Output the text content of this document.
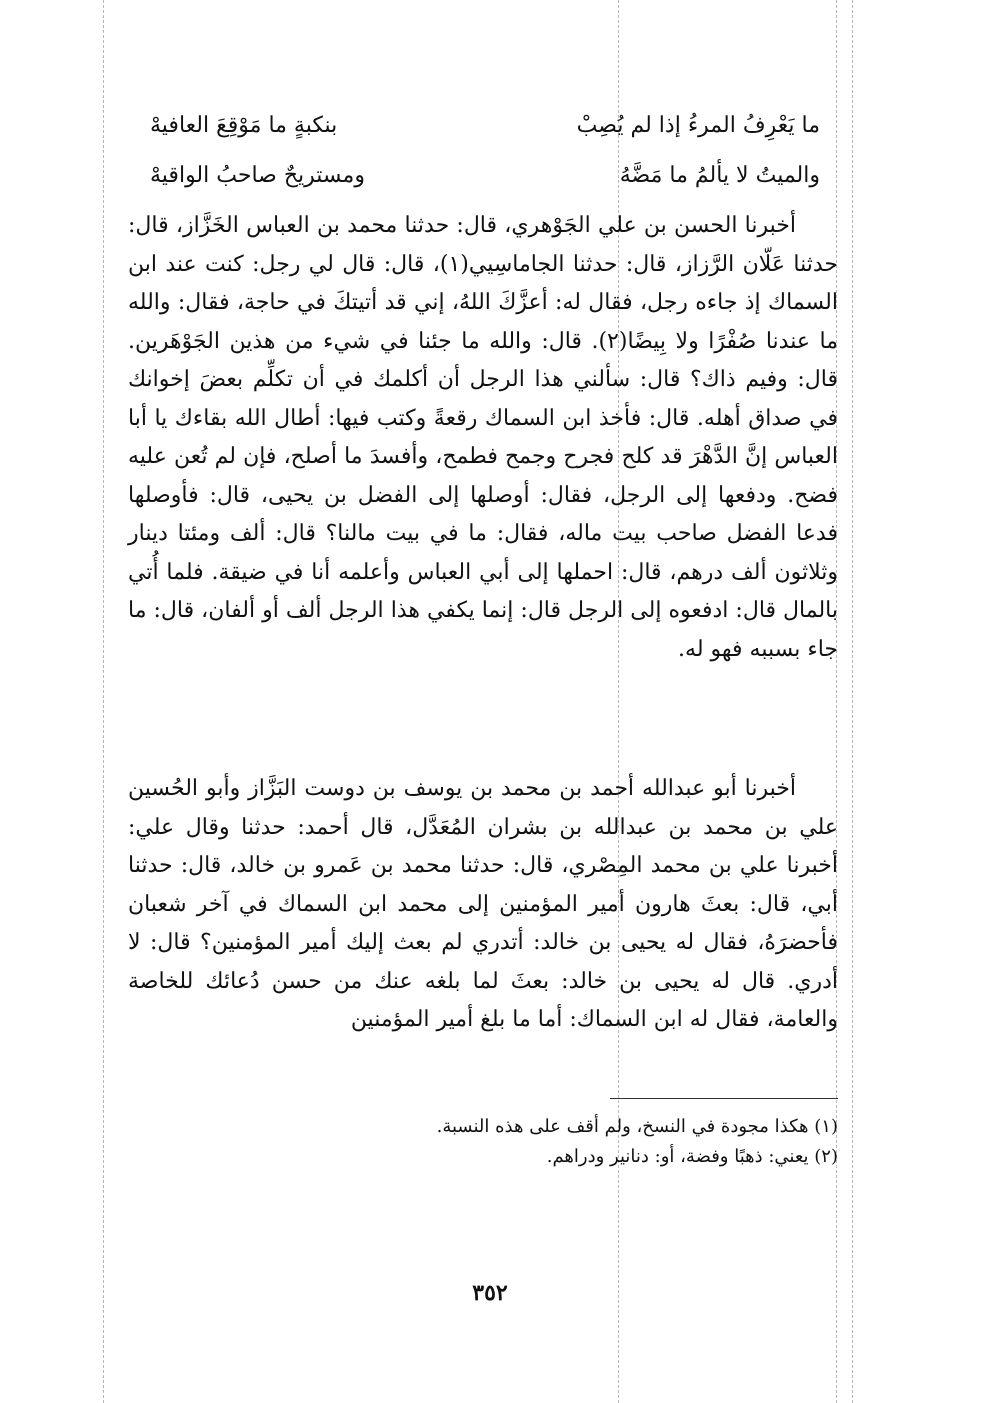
ما يَعْرِفُ المرءُ إذا لم يُصِبْ
بنكبةٍ ما مَوْقِعَ العافيهْ
والميتُ لا يألمُ ما مَضَّهُ
ومستريحٌ صاحبُ الواقيهْ

أخبرنا الحسن بن علي الجَوْهري، قال: حدثنا محمد بن العباس الخَزَّاز، قال: حدثنا عَلّان الرَّزاز، قال: حدثنا الجاماسِيي(١)، قال: قال لي رجل: كنت عند ابن السماك إذ جاءه رجل، فقال له: أعزَّكَ اللهُ، إني قد أتيتكَ في حاجة، فقال: والله ما عندنا صُفْرًا ولا بِيضًا(٢). قال: والله ما جئنا في شيء من هذين الجَوْهَرين. قال: وفيم ذاك؟ قال: سألني هذا الرجل أن أكلمك في أن تكلِّم بعضَ إخوانك في صداق أهله. قال: فأخذ ابن السماك رقعةً وكتب فيها: أطال الله بقاءك يا أبا العباس إنَّ الدَّهْرَ قد كلح فجرح وجمح فطمح، وأفسدَ ما أصلح، فإن لم تُعن عليه فضح. ودفعها إلى الرجل، فقال: أوصلها إلى الفضل بن يحيى، قال: فأوصلها فدعا الفضل صاحب بيت ماله، فقال: ما في بيت مالنا؟ قال: ألف ومئتا دينار وثلاثون ألف درهم، قال: احملها إلى أبي العباس وأعلمه أنا في ضيقة. فلما أُتي بالمال قال: ادفعوه إلى الرجل قال: إنما يكفي هذا الرجل ألف أو ألفان، قال: ما جاء بسببه فهو له.

أخبرنا أبو عبدالله أحمد بن محمد بن يوسف بن دوست البَزَّاز وأبو الحُسين علي بن محمد بن عبدالله بن بشران المُعَدَّل، قال أحمد: حدثنا وقال علي: أخبرنا علي بن محمد المِصْري، قال: حدثنا محمد بن عَمرو بن خالد، قال: حدثنا أبي، قال: بعثَ هارون أمير المؤمنين إلى محمد ابن السماك في آخر شعبان فأحضرَهُ، فقال له يحيى بن خالد: أتدري لم بعث إليك أمير المؤمنين؟ قال: لا أدري. قال له يحيى بن خالد: بعثَ لما بلغه عنك من حسن دُعائك للخاصة والعامة، فقال له ابن السماك: أما ما بلغ أمير المؤمنين

(١) هكذا مجودة في النسخ، ولم أقف على هذه النسبة.
(٢) يعني: ذهبًا وفضة، أو: دنانير ودراهم.
٣٥٢
